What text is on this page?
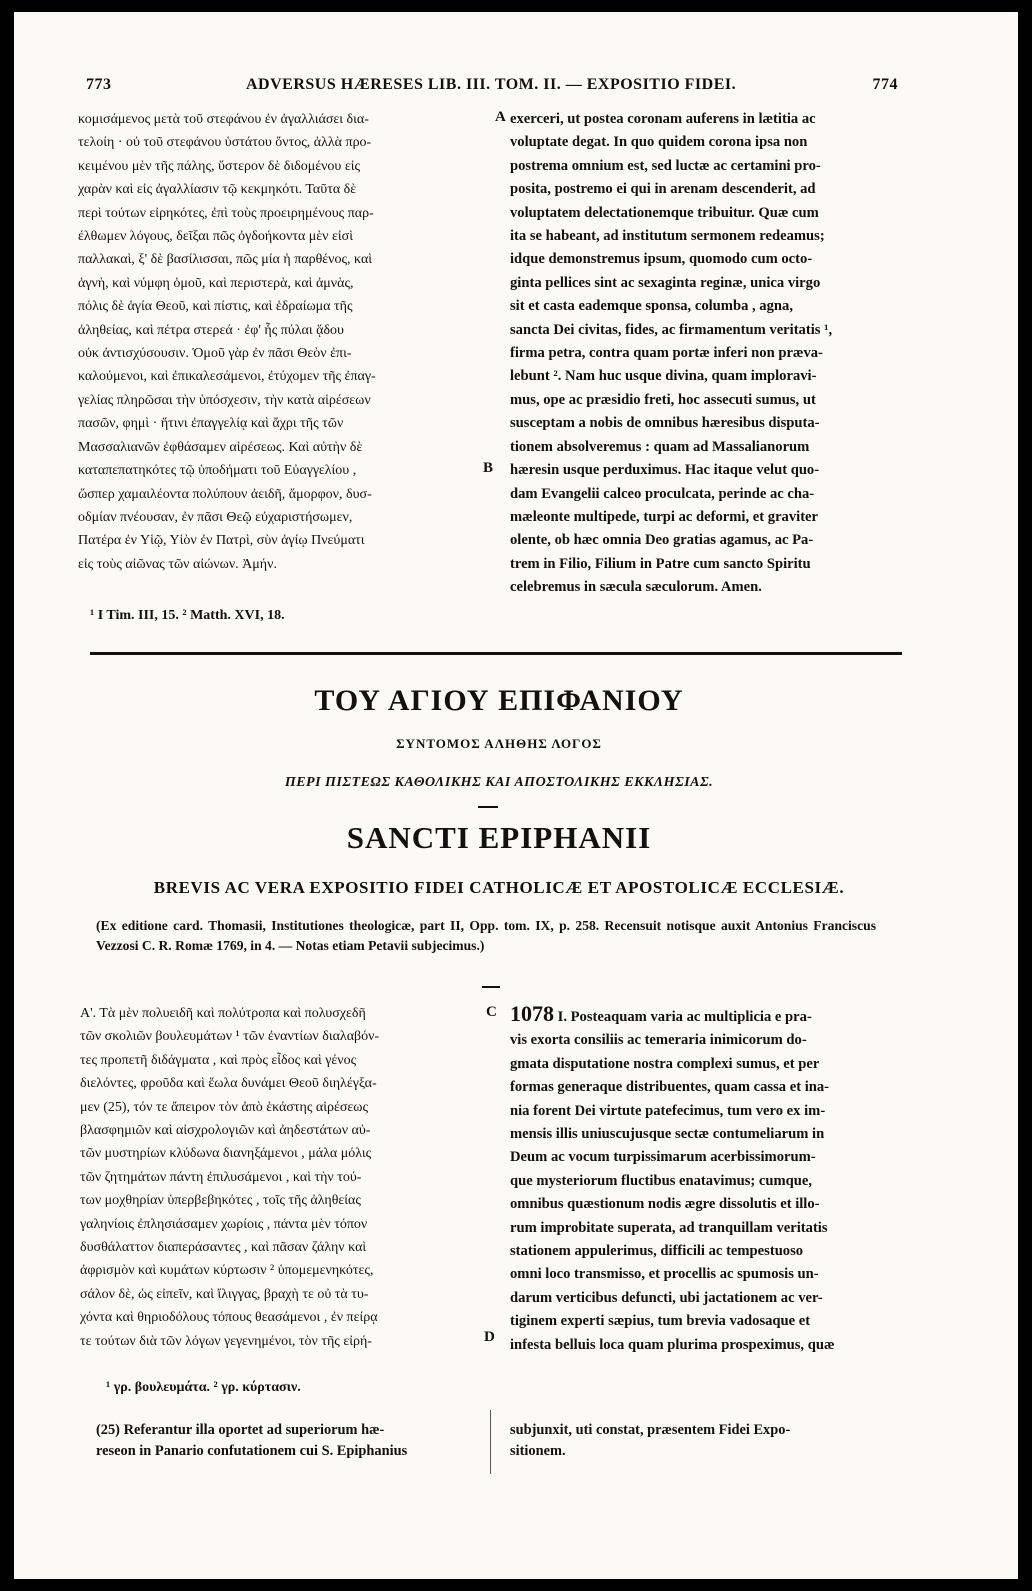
773	ADVERSUS HÆRESES LIB. III. TOM. II. — EXPOSITIO FIDEI.	774
κομισάμενος μετὰ τοῦ στεφάνου ἐν ἀγαλλιάσει δια-
τελοίη · οὐ τοῦ στεφάνου ὑστάτου ὄντος, ἀλλὰ προ-
κειμένου μὲν τῆς πάλης, ὕστερον δὲ διδομένου εἰς
χαρὰν καὶ εἰς ἀγαλλίασιν τῷ κεκμηκότι. Ταῦτα δὲ
περὶ τούτων εἰρηκότες, ἐπὶ τοὺς προειρημένους παρ-
έλθωμεν λόγους, δεῖξαι πῶς ὀγδοήκοντα μὲν εἰσὶ
παλλακαὶ, ξ' δὲ βασίλισσαι, πῶς μία ἡ παρθένος, καὶ
ἁγνὴ, καὶ νύμφη ὁμοῦ, καὶ περιστερὰ, καὶ ἀμνὰς,
πόλις δὲ ἁγία Θεοῦ, καὶ πίστις, καὶ ἑδραίωμα τῆς
ἀληθείας, καὶ πέτρα στερεά · ἐφ' ἧς πύλαι ᾅδου
οὐκ ἀντισχύσουσιν. Ὁμοῦ γὰρ ἐν πᾶσι Θεὸν ἐπι-
καλούμενοι, καὶ ἐπικαλεσάμενοι, ἐτύχομεν τῆς ἐπαγ-
γελίας πληρῶσαι τὴν ὑπόσχεσιν, τὴν κατὰ αἱρέσεων
πασῶν, φημὶ · ἥτινι ἐπαγγελίᾳ καὶ ἄχρι τῆς τῶν
Μασσαλιανῶν ἐφθάσαμεν αἱρέσεως. Καὶ αὐτὴν δὲ
καταπεπατηκότες τῷ ὑποδήματι τοῦ Εὐαγγελίου ,
ὥσπερ χαμαιλέοντα πολύπουν ἀειδῆ, ἄμορφον, δυσ-
οδμίαν πνέουσαν, ἐν πᾶσι Θεῷ εὐχαριστήσωμεν,
Πατέρα ἐν Υἱῷ, Υἱὸν ἐν Πατρὶ, σὺν ἁγίῳ Πνεύματι
εἰς τοὺς αἰῶνας τῶν αἰώνων. Ἀμήν.
A
B
exerceri, ut postea coronam auferens in lætitia ac
voluptate degat. In quo quidem corona ipsa non
postrema omnium est, sed luctæ ac certamini pro-
posita, postremo ei qui in arenam descenderit, ad
voluptatem delectationemque tribuitur. Quæ cum
ita se habeant, ad institutum sermonem redeamus;
idque demonstremus ipsum, quomodo cum octo-
ginta pellices sint ac sexaginta reginæ, unica virgo
sit et casta eademque sponsa, columba , agna,
sancta Dei civitas, fides, ac firmamentum veritatis ¹,
firma petra, contra quam portæ inferi non præva-
lebunt ². Nam huc usque divina, quam imploravi-
mus, ope ac præsidio freti, hoc assecuti sumus, ut
susceptam a nobis de omnibus hæresibus disputa-
tionem absolveremus : quam ad Massalianorum
hæresin usque perduximus. Hac itaque velut quo-
dam Evangelii calceo proculcata, perinde ac cha-
mæleonte multipede, turpi ac deformi, et graviter
olente, ob hæc omnia Deo gratias agamus, ac Pa-
trem in Filio, Filium in Patre cum sancto Spiritu
celebremus in sæcula sæculorum. Amen.
¹ I Tim. III, 15. ² Matth. XVI, 18.
ΤΟΥ ΑΓΙΟΥ ΕΠΙΦΑΝΙΟΥ
ΣΥΝΤΟΜΟΣ ΑΛΗΘΗΣ ΛΟΓΟΣ
ΠΕΡΙ ΠΙΣΤΕΩΣ ΚΑΘΟΛΙΚΗΣ ΚΑΙ ΑΠΟΣΤΟΛΙΚΗΣ ΕΚΚΛΗΣΙΑΣ.
SANCTI EPIPHANII
BREVIS AC VERA EXPOSITIO FIDEI CATHOLICÆ ET APOSTOLICÆ ECCLESIÆ.
(Ex editione card. Thomasii, Institutiones theologicæ, part II, Opp. tom. IX, p. 258. Recensuit notisque auxit Antonius Franciscus Vezzosi C. R. Romæ 1769, in 4. — Notas etiam Petavii subjecimus.)
Α'. Τὰ μὲν πολυειδῆ καὶ πολύτροπα καὶ πολυσχεδῆ
τῶν σκολιῶν βουλευμάτων ¹ τῶν ἐναντίων διαλαβόν-
τες προπετῆ διδάγματα , καὶ πρὸς εἶδος καὶ γένος
διελόντες, φροῦδα καὶ ἕωλα δυνάμει Θεοῦ διηλέγξα-
μεν (25), τόν τε ἄπειρον τὸν ἀπὸ ἑκάστης αἱρέσεως
βλασφημιῶν καὶ αἰσχρολογιῶν καὶ ἀηδεστάτων αὐ-
τῶν μυστηρίων κλύδωνα διανηξάμενοι , μάλα μόλις
τῶν ζητημάτων πάντη ἐπιλυσάμενοι , καὶ τὴν τού-
των μοχθηρίαν ὑπερβεβηκότες , τοῖς τῆς ἀληθείας
γαληνίοις ἐπλησιάσαμεν χωρίοις , πάντα μὲν τόπον
δυσθάλαττον διαπεράσαντες , καὶ πᾶσαν ζάλην καὶ
ἀφρισμὸν καὶ κυμάτων κύρτωσιν ² ὑπομεμενηκότες,
σάλον δὲ, ὡς εἰπεῖν, καὶ ἴλιγγας, βραχὴ τε οὐ τὰ τυ-
χόντα καὶ θηριοδόλους τόπους θεασάμενοι , ἐν πείρᾳ
τε τούτων διὰ τῶν λόγων γεγενημένοι, τὸν τῆς εἰρή-
C
D
1078 I. Posteaquam varia ac multiplicia e pra-
vis exorta consiliis ac temeraria inimicorum do-
gmata disputatione nostra complexi sumus, et per
formas generaque distribuentes, quam cassa et ina-
nia forent Dei virtute patefecimus, tum vero ex im-
mensis illis uniuscujusque sectæ contumeliarum in
Deum ac vocum turpissimarum acerbissimorum-
que mysteriorum fluctibus enatavimus; cumque,
omnibus quæstionum nodis ægre dissolutis et illo-
rum improbitate superata, ad tranquillam veritatis
stationem appulerimus, difficili ac tempestuoso
omni loco transmisso, et procellis ac spumosis un-
darum verticibus defuncti, ubi jactationem ac ver-
tiginem experti sæpius, tum brevia vadosaque et
infesta belluis loca quam plurima prospeximus, quæ
¹ γρ. βουλευμάτα. ² γρ. κύρτασιν.
(25) Referantur illa oportet ad superiorum hæ-
reseon in Panario confutationem cui S. Epiphanius
subjunxit, uti constat, præsentem Fidei Expo-
sitionem.
